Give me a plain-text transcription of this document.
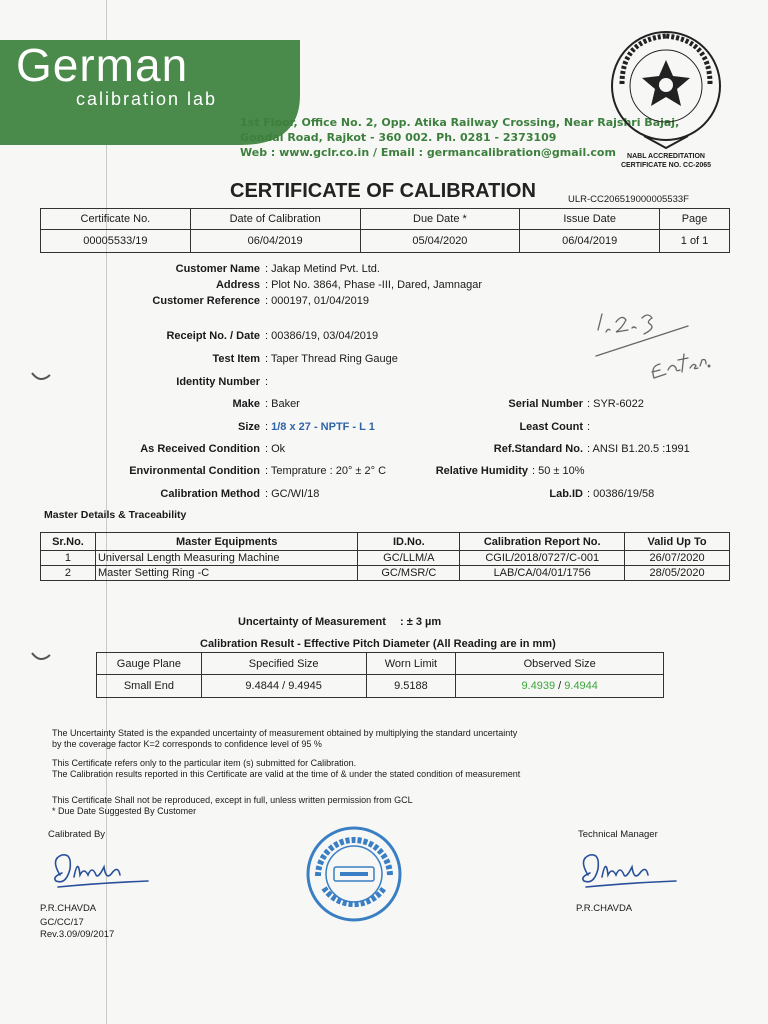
German
calibration lab
1st Floor, Office No. 2, Opp. Atika Railway Crossing, Near Rajshri Bajaj,
Gondal Road, Rajkot - 360 002. Ph. 0281 - 2373109
Web : www.gclr.co.in / Email : germancalibration@gmail.com	NABL ACCREDITATION
CERTIFICATE NO. CC-2065
CERTIFICATE OF CALIBRATION	ULR-CC206519000005533F
Certificate No.	Date of Calibration	Due Date *	Issue Date	Page
00005533/19	06/04/2019	05/04/2020	06/04/2019	1 of 1
Customer Name : Jakap Metind Pvt. Ltd.
Address : Plot No. 3864, Phase -III, Dared, Jamnagar
Customer Reference : 000197, 01/04/2019
Receipt No. / Date : 00386/19, 03/04/2019
Test Item : Taper Thread Ring Gauge
Identity Number :
Make : Baker
Size : 1/8 x 27 - NPTF - L 1
As Received Condition : Ok
Environmental Condition : Temprature : 20° ± 2° C
Calibration Method : GC/WI/18
Serial Number : SYR-6022
Least Count :
Ref.Standard No. : ANSI B1.20.5 :1991
Relative Humidity : 50 ± 10%
Lab.ID : 00386/19/58
Master Details & Traceability
Sr.No.	Master Equipments	ID.No.	Calibration Report No.	Valid Up To
1	Universal Length Measuring Machine	GC/LLM/A	CGIL/2018/0727/C-001	26/07/2020
2	Master Setting Ring -C	GC/MSR/C	LAB/CA/04/01/1756	28/05/2020
Uncertainty of Measurement : ± 3 µm
Calibration Result - Effective Pitch Diameter (All Reading are in mm)
Gauge Plane	Specified Size	Worn Limit	Observed Size
Small End	9.4844 / 9.4945	9.5188	9.4939 / 9.4944
The Uncertainty Stated is the expanded uncertainty of measurement obtained by multiplying the standard uncertainty
by the coverage factor K=2 corresponds to confidence level of 95 %
This Certificate refers only to the particular item (s) submitted for Calibration.
The Calibration results reported in this Certificate are valid at the time of & under the stated condition of measurement
This Certificate Shall not be reproduced, except in full, unless written permission from GCL
* Due Date Suggested By Customer
Calibrated By	Technical Manager
P.R.CHAVDA	P.R.CHAVDA
GC/CC/17
Rev.3.09/09/2017
